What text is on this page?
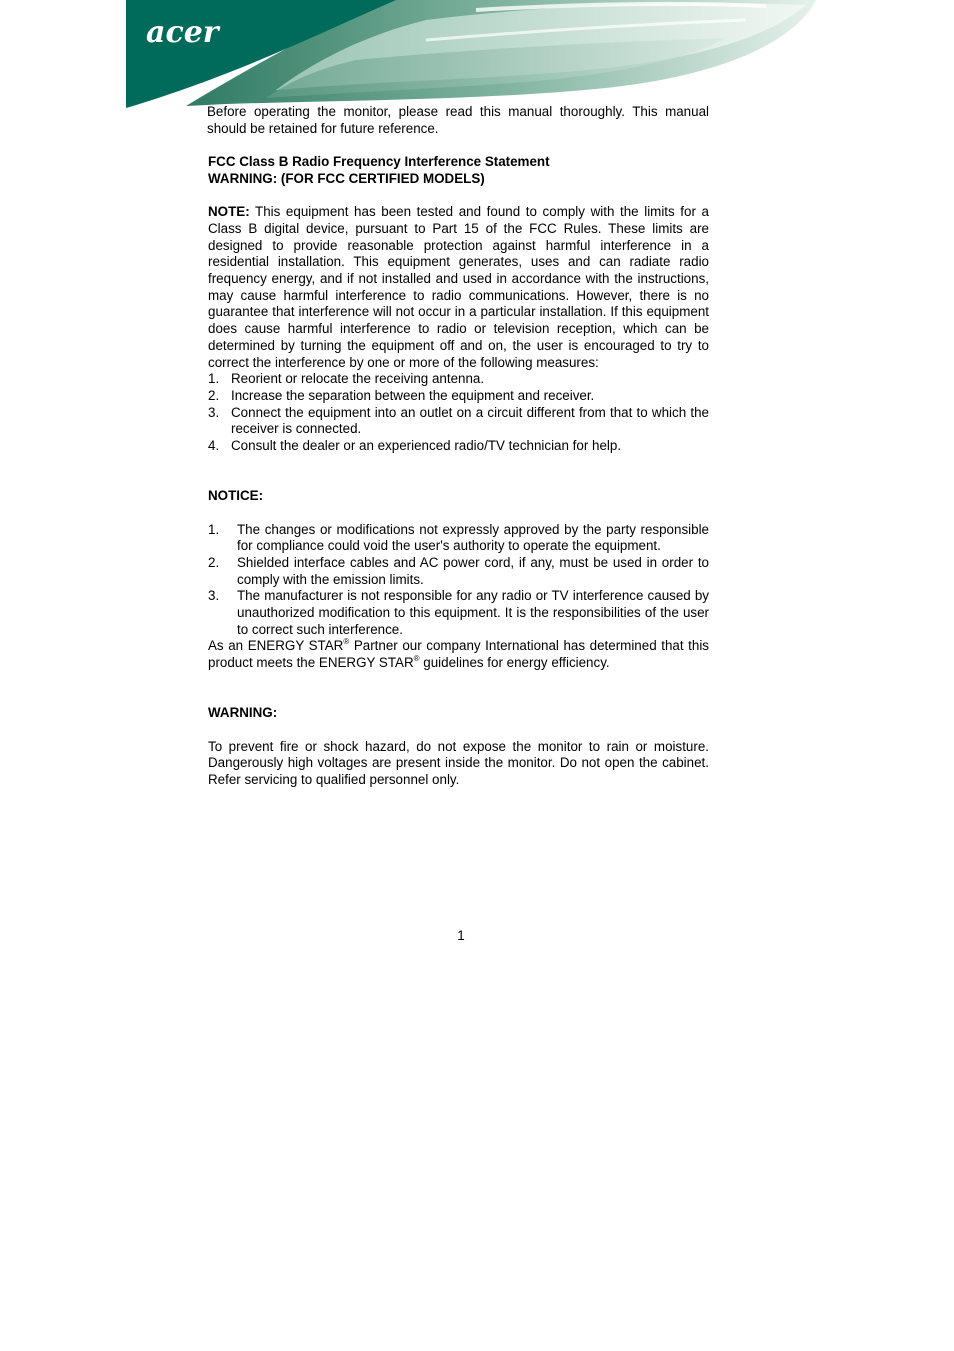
acer

Before operating the monitor, please read this manual thoroughly. This manual should be retained for future reference.

FCC Class B Radio Frequency Interference Statement

WARNING: (FOR FCC CERTIFIED MODELS)

NOTE: This equipment has been tested and found to comply with the limits for a Class B digital device, pursuant to Part 15 of the FCC Rules. These limits are designed to provide reasonable protection against harmful interference in a residential installation. This equipment generates, uses and can radiate radio frequency energy, and if not installed and used in accordance with the instructions, may cause harmful interference to radio communications. However, there is no guarantee that interference will not occur in a particular installation. If this equipment does cause harmful interference to radio or television reception, which can be determined by turning the equipment off and on, the user is encouraged to try to correct the interference by one or more of the following measures:

1. Reorient or relocate the receiving antenna.
2. Increase the separation between the equipment and receiver.
3. Connect the equipment into an outlet on a circuit different from that to which the receiver is connected.
4. Consult the dealer or an experienced radio/TV technician for help.

NOTICE:

1. The changes or modifications not expressly approved by the party responsible for compliance could void the user's authority to operate the equipment.
2. Shielded interface cables and AC power cord, if any, must be used in order to comply with the emission limits.
3. The manufacturer is not responsible for any radio or TV interference caused by unauthorized modification to this equipment. It is the responsibilities of the user to correct such interference.

As an ENERGY STAR® Partner our company International has determined that this product meets the ENERGY STAR® guidelines for energy efficiency.

WARNING:

To prevent fire or shock hazard, do not expose the monitor to rain or moisture. Dangerously high voltages are present inside the monitor. Do not open the cabinet. Refer servicing to qualified personnel only.

1
